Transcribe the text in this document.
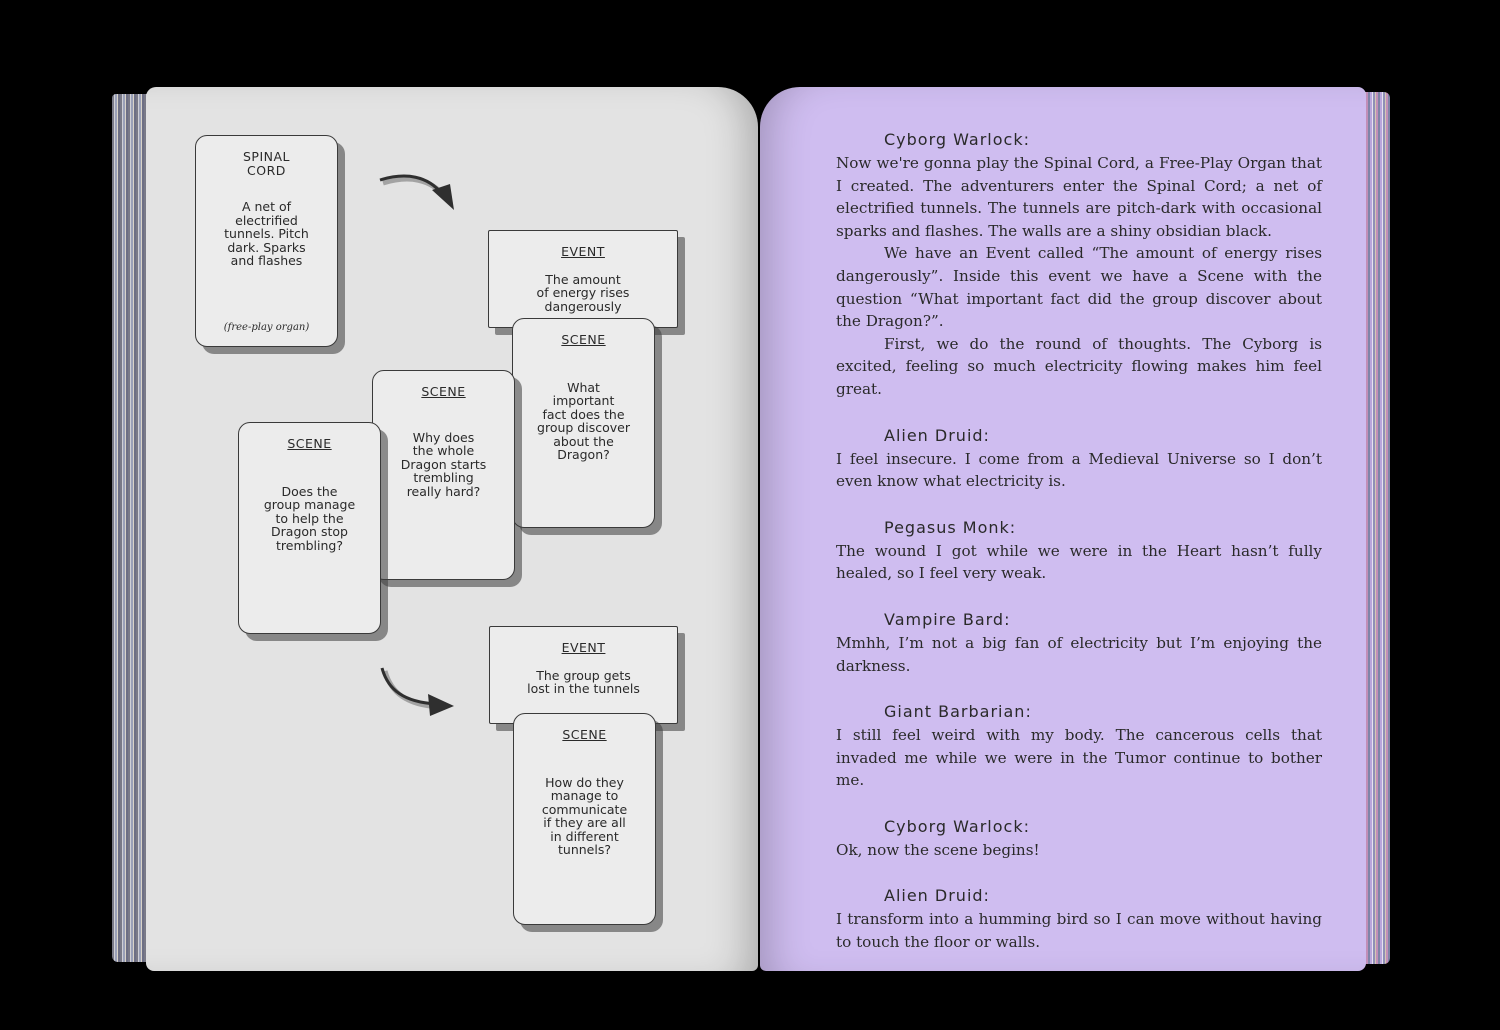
SPINAL
CORD
A net of
electrified
tunnels. Pitch
dark. Sparks
and flashes
(free-play organ)
EVENT
The amount
of energy rises
dangerously
SCENE
What
important
fact does the
group discover
about the
Dragon?
SCENE
Why does
the whole
Dragon starts
trembling
really hard?
SCENE
Does the
group manage
to help the
Dragon stop
trembling?
EVENT
The group gets
lost in the tunnels
SCENE
How do they
manage to
communicate
if they are all
in different
tunnels?
Cyborg Warlock:
Now we're gonna play the Spinal Cord, a Free-Play Organ that I created. The adventurers enter the Spinal Cord; a net of electrified tunnels. The tunnels are pitch-dark with occasional sparks and flashes. The walls are a shiny obsidian black.
We have an Event called “The amount of energy rises dangerously”. Inside this event we have a Scene with the question “What important fact did the group discover about the Dragon?”.
First, we do the round of thoughts. The Cyborg is excited, feeling so much electricity flowing makes him feel great.
Alien Druid:
I feel insecure. I come from a Medieval Universe so I don’t even know what electricity is.
Pegasus Monk:
The wound I got while we were in the Heart hasn’t fully healed, so I feel very weak.
Vampire Bard:
Mmhh, I’m not a big fan of electricity but I’m enjoying the darkness.
Giant Barbarian:
I still feel weird with my body. The cancerous cells that invaded me while we were in the Tumor continue to bother me.
Cyborg Warlock:
Ok, now the scene begins!
Alien Druid:
I transform into a humming bird so I can move without having to touch the floor or walls.
